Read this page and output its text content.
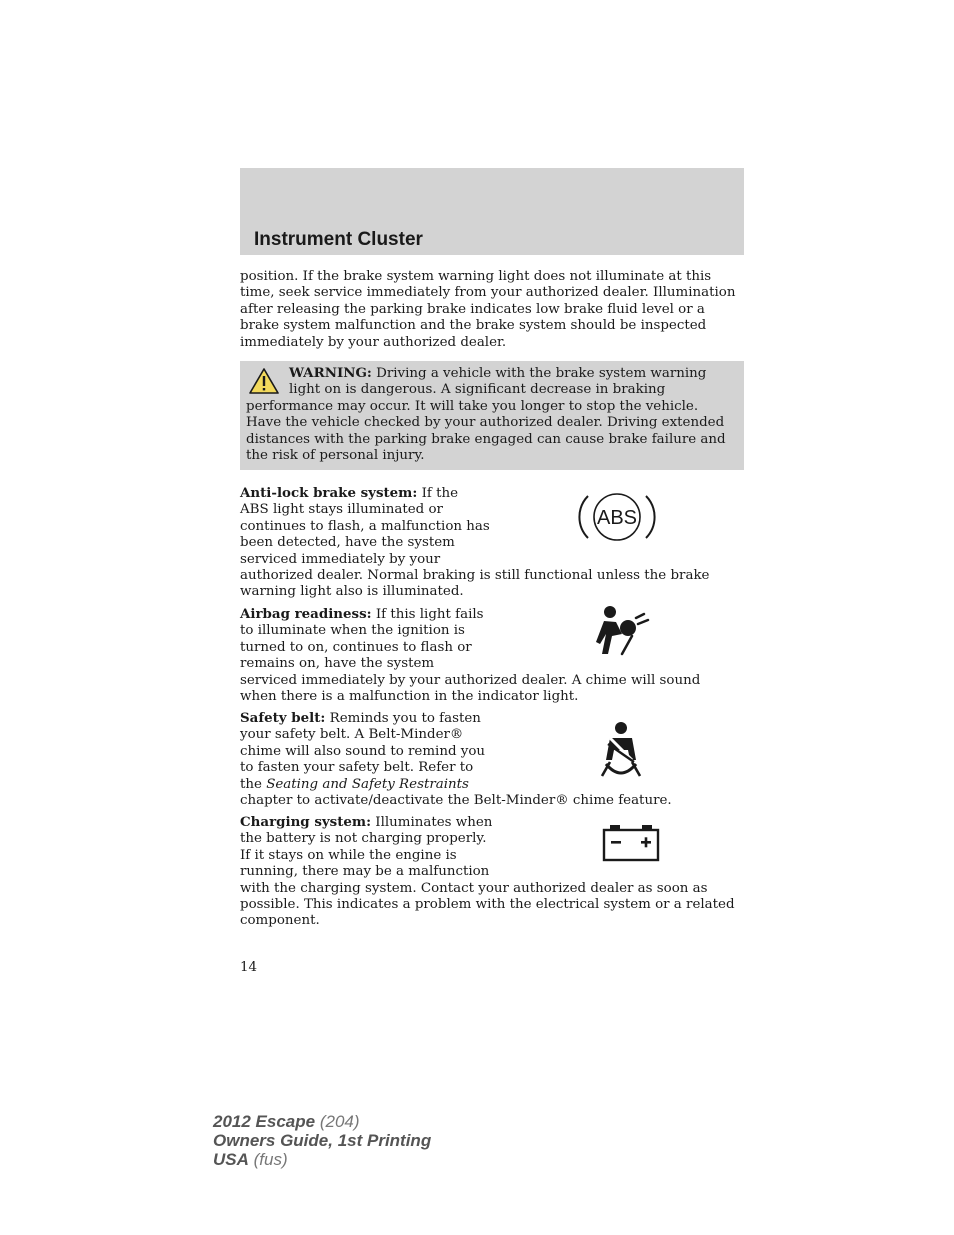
Instrument Cluster
position. If the brake system warning light does not illuminate at this
time, seek service immediately from your authorized dealer. Illumination
after releasing the parking brake indicates low brake fluid level or a
brake system malfunction and the brake system should be inspected
immediately by your authorized dealer.
WARNING: Driving a vehicle with the brake system warning
light on is dangerous. A significant decrease in braking
performance may occur. It will take you longer to stop the vehicle.
Have the vehicle checked by your authorized dealer. Driving extended
distances with the parking brake engaged can cause brake failure and
the risk of personal injury.
Anti-lock brake system: If the
ABS light stays illuminated or
continues to flash, a malfunction has
been detected, have the system
serviced immediately by your
authorized dealer. Normal braking is still functional unless the brake
warning light also is illuminated.
ABS
Airbag readiness: If this light fails
to illuminate when the ignition is
turned to on, continues to flash or
remains on, have the system
serviced immediately by your authorized dealer. A chime will sound
when there is a malfunction in the indicator light.
Safety belt: Reminds you to fasten
your safety belt. A Belt-Minder®
chime will also sound to remind you
to fasten your safety belt. Refer to
the Seating and Safety Restraints
chapter to activate/deactivate the Belt-Minder® chime feature.
Charging system: Illuminates when
the battery is not charging properly.
If it stays on while the engine is
running, there may be a malfunction
with the charging system. Contact your authorized dealer as soon as
possible. This indicates a problem with the electrical system or a related
component.
14
2012 Escape (204)
Owners Guide, 1st Printing
USA (fus)
